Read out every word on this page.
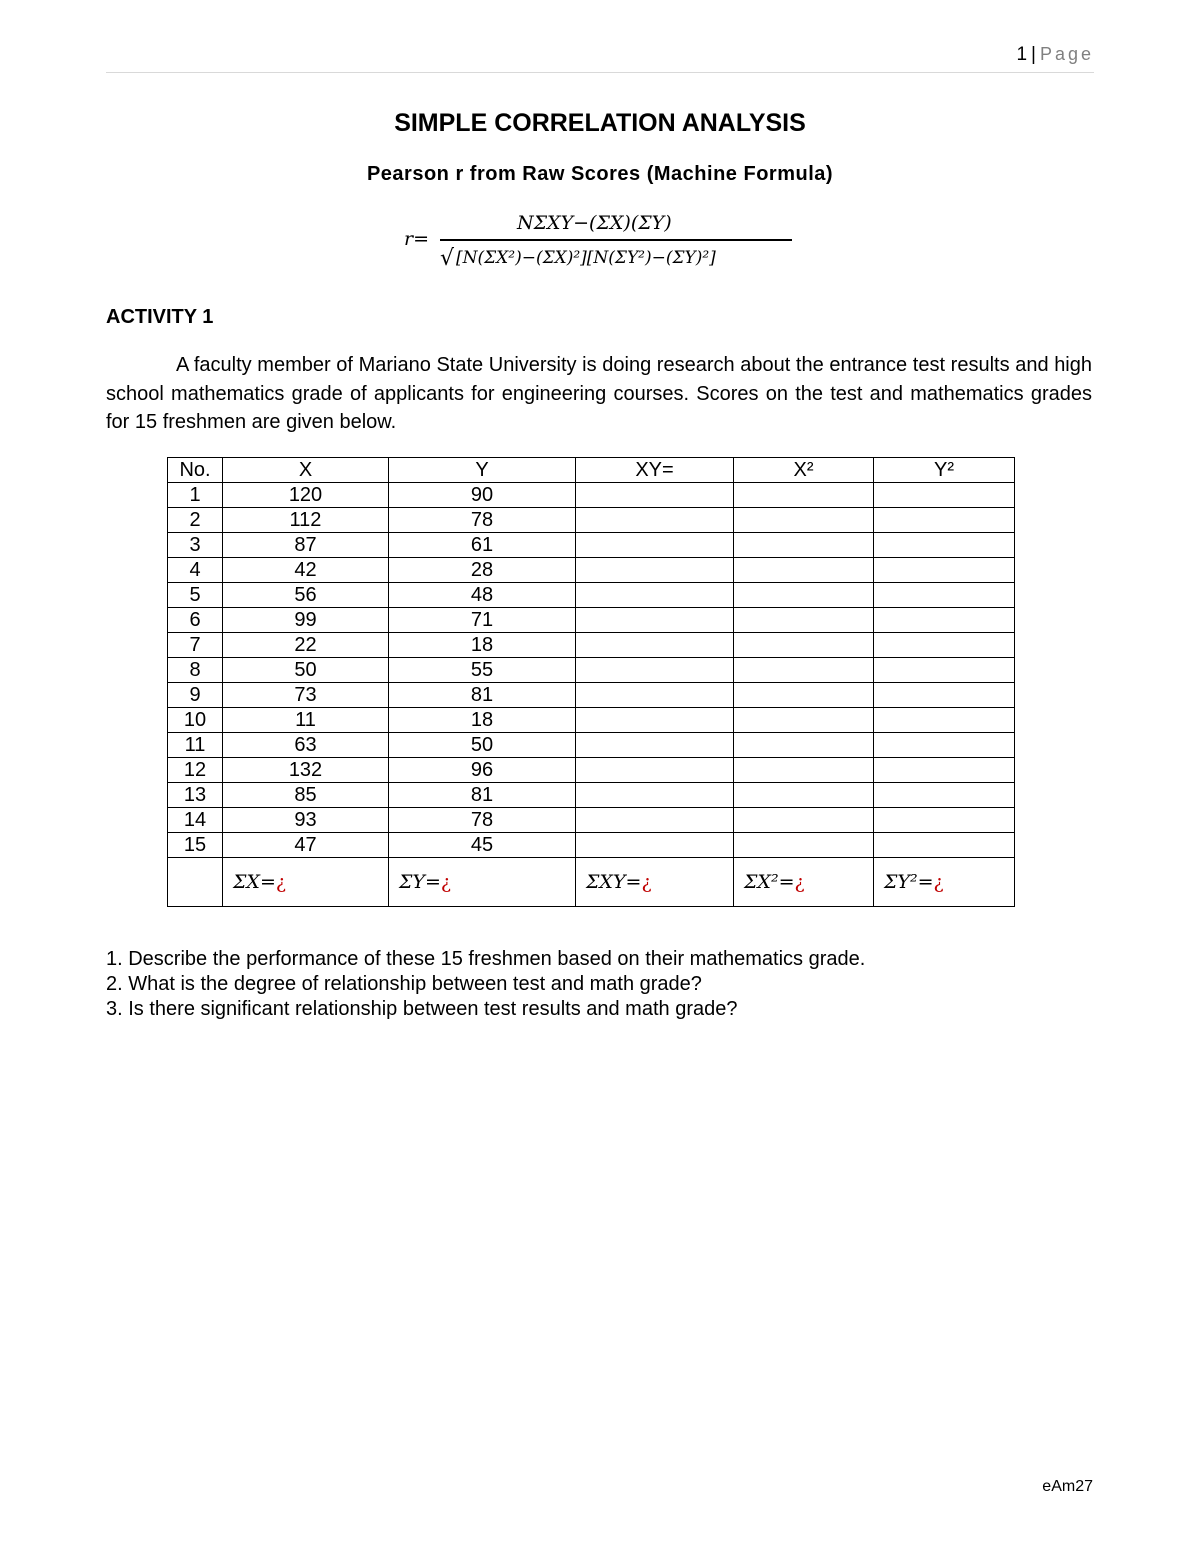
1 | Page
SIMPLE CORRELATION ANALYSIS
Pearson r from Raw Scores (Machine Formula)
r=
NΣXY−(ΣX)(ΣY)
√ [N(ΣX²)−(ΣX)²][N(ΣY²)−(ΣY)²]
ACTIVITY 1
A faculty member of Mariano State University is doing research about the entrance test results and high school mathematics grade of applicants for engineering courses. Scores on the test and mathematics grades for 15 freshmen are given below.
No.	X	Y	XY=	X²	Y²
1	120	90			
2	112	78			
3	87	61			
4	42	28			
5	56	48			
6	99	71			
7	22	18			
8	50	55			
9	73	81			
10	11	18			
11	63	50			
12	132	96			
13	85	81			
14	93	78			
15	47	45			
	ΣX=¿	ΣY=¿	ΣXY=¿	ΣX²=¿	ΣY²=¿
1. Describe the performance of these 15 freshmen based on their mathematics grade.
2. What is the degree of relationship between test and math grade?
3. Is there significant relationship between test results and math grade?
eAm27
